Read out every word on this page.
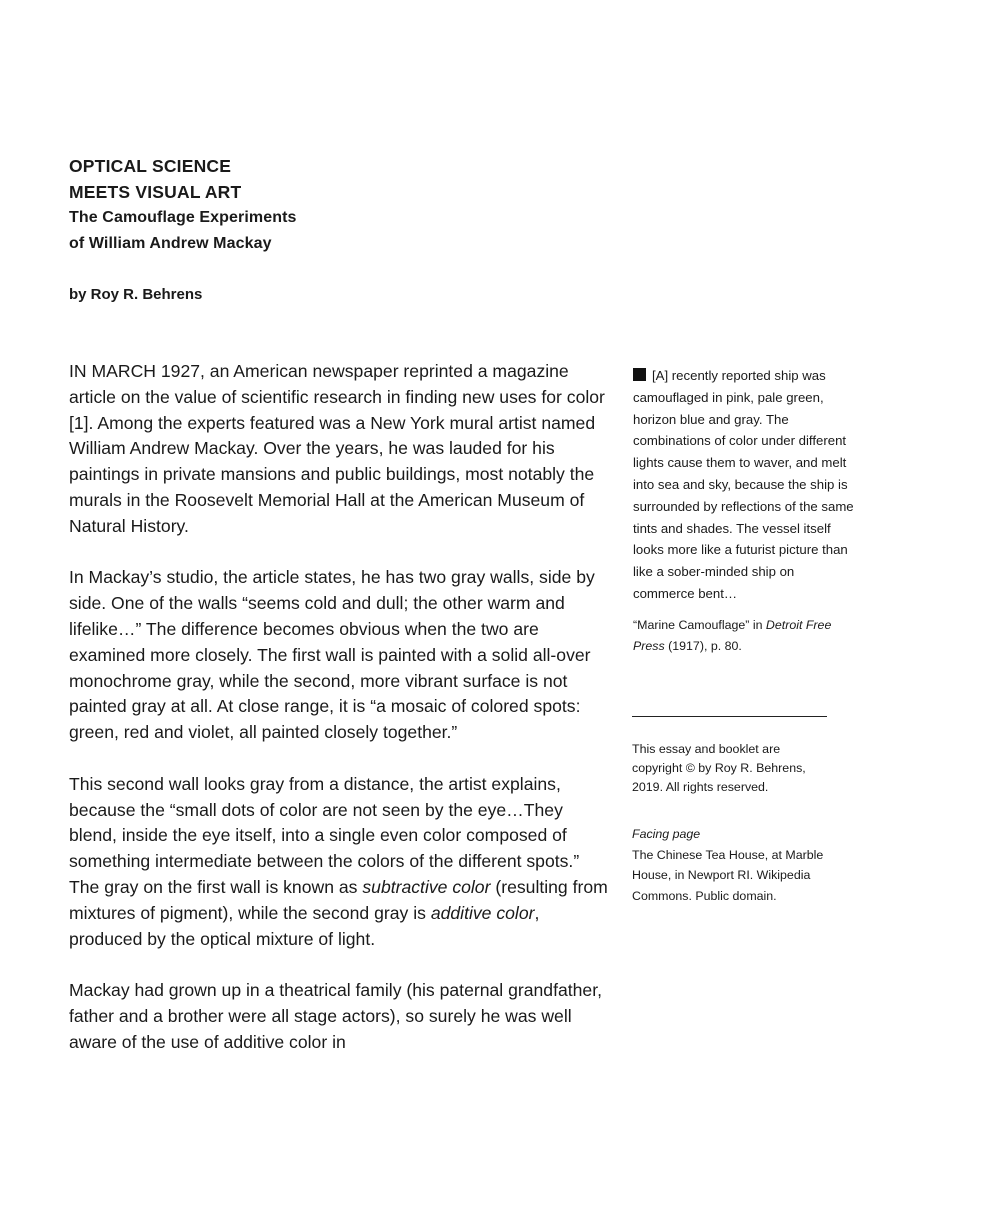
OPTICAL SCIENCE
MEETS VISUAL ART
The Camouflage Experiments
of William Andrew Mackay
by Roy R. Behrens

IN MARCH 1927, an American newspaper reprinted a magazine article on the value of scientific research in finding new uses for color [1]. Among the experts featured was a New York mural artist named William Andrew Mackay. Over the years, he was lauded for his paintings in private mansions and public buildings, most notably the murals in the Roosevelt Memorial Hall at the American Museum of Natural History.

In Mackay’s studio, the article states, he has two gray walls, side by side. One of the walls “seems cold and dull; the other warm and lifelike…” The difference becomes obvious when the two are examined more closely. The first wall is painted with a solid all-over monochrome gray, while the second, more vibrant surface is not painted gray at all. At close range, it is “a mosaic of colored spots: green, red and violet, all painted closely together.”

This second wall looks gray from a distance, the artist explains, because the “small dots of color are not seen by the eye…They blend, inside the eye itself, into a single even color composed of something intermediate between the colors of the different spots.” The gray on the first wall is known as subtractive color (resulting from mixtures of pigment), while the second gray is additive color, produced by the optical mixture of light.

Mackay had grown up in a theatrical family (his paternal grandfather, father and a brother were all stage actors), so surely he was well aware of the use of additive color in

[A] recently reported ship was camouflaged in pink, pale green, horizon blue and gray. The combinations of color under different lights cause them to waver, and melt into sea and sky, because the ship is surrounded by reflections of the same tints and shades. The vessel itself looks more like a futurist picture than like a sober-minded ship on commerce bent…
“Marine Camouflage” in Detroit Free Press (1917), p. 80.
This essay and booklet are copyright © by Roy R. Behrens, 2019. All rights reserved.
Facing page
The Chinese Tea House, at Marble House, in Newport RI. Wikipedia Commons. Public domain.
